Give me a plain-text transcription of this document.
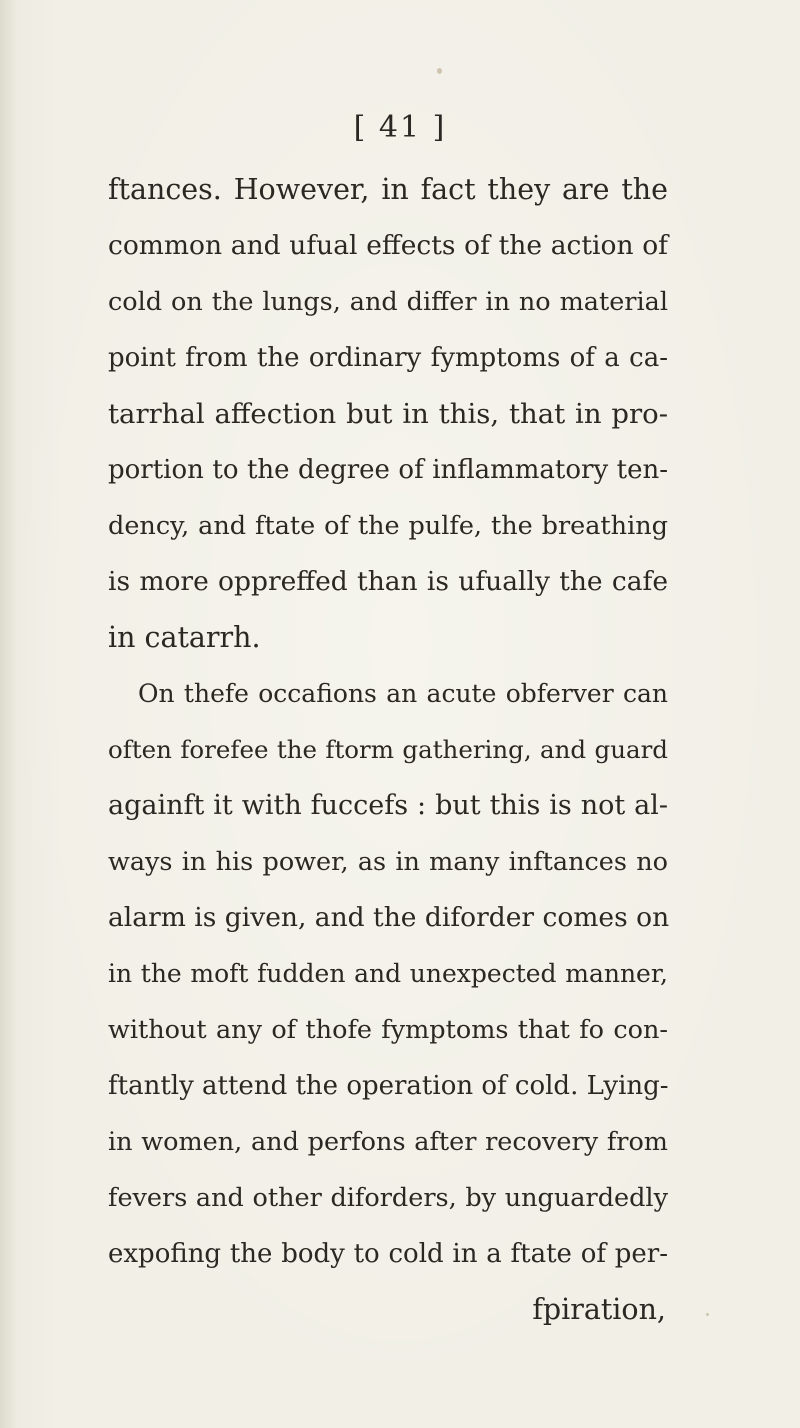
[ 41 ]
ftances. However, in fact they are the
common and ufual effects of the action of
cold on the lungs, and differ in no material
point from the ordinary fymptoms of a ca-
tarrhal affection but in this, that in pro-
portion to the degree of inflammatory ten-
dency, and ftate of the pulfe, the breathing
is more oppreffed than is ufually the cafe
in catarrh.
On thefe occafions an acute obferver can
often forefee the ftorm gathering, and guard
againft it with fuccefs : but this is not al-
ways in his power, as in many inftances no
alarm is given, and the diforder comes on
in the moft fudden and unexpected manner,
without any of thofe fymptoms that fo con-
ftantly attend the operation of cold. Lying-
in women, and perfons after recovery from
fevers and other diforders, by unguardedly
expofing the body to cold in a ftate of per-
fpiration,
